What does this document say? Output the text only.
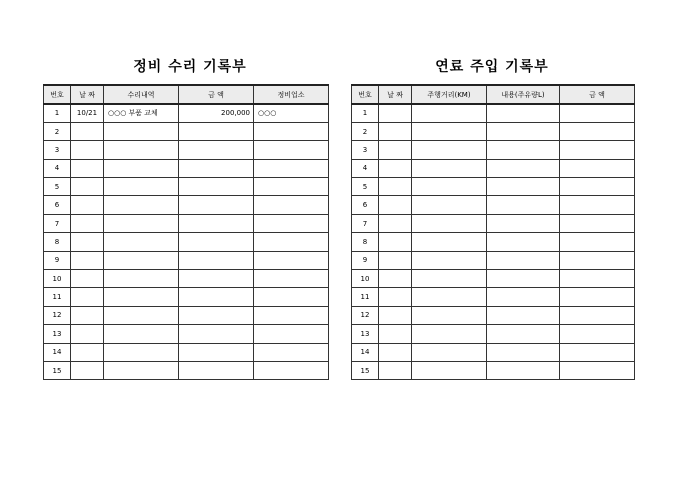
정비 수리 기록부	연료 주입 기록부
번호	날 짜	수리내역	금 액	정비업소
1	10/21	○○○ 부품 교체	200,000	○○○
2				
3				
4				
5				
6				
7				
8				
9				
10				
11				
12				
13				
14				
15				
번호	날 짜	주행거리(KM)	내용(주유량L)	금 액
1				
2				
3				
4				
5				
6				
7				
8				
9				
10				
11				
12				
13				
14				
15				
